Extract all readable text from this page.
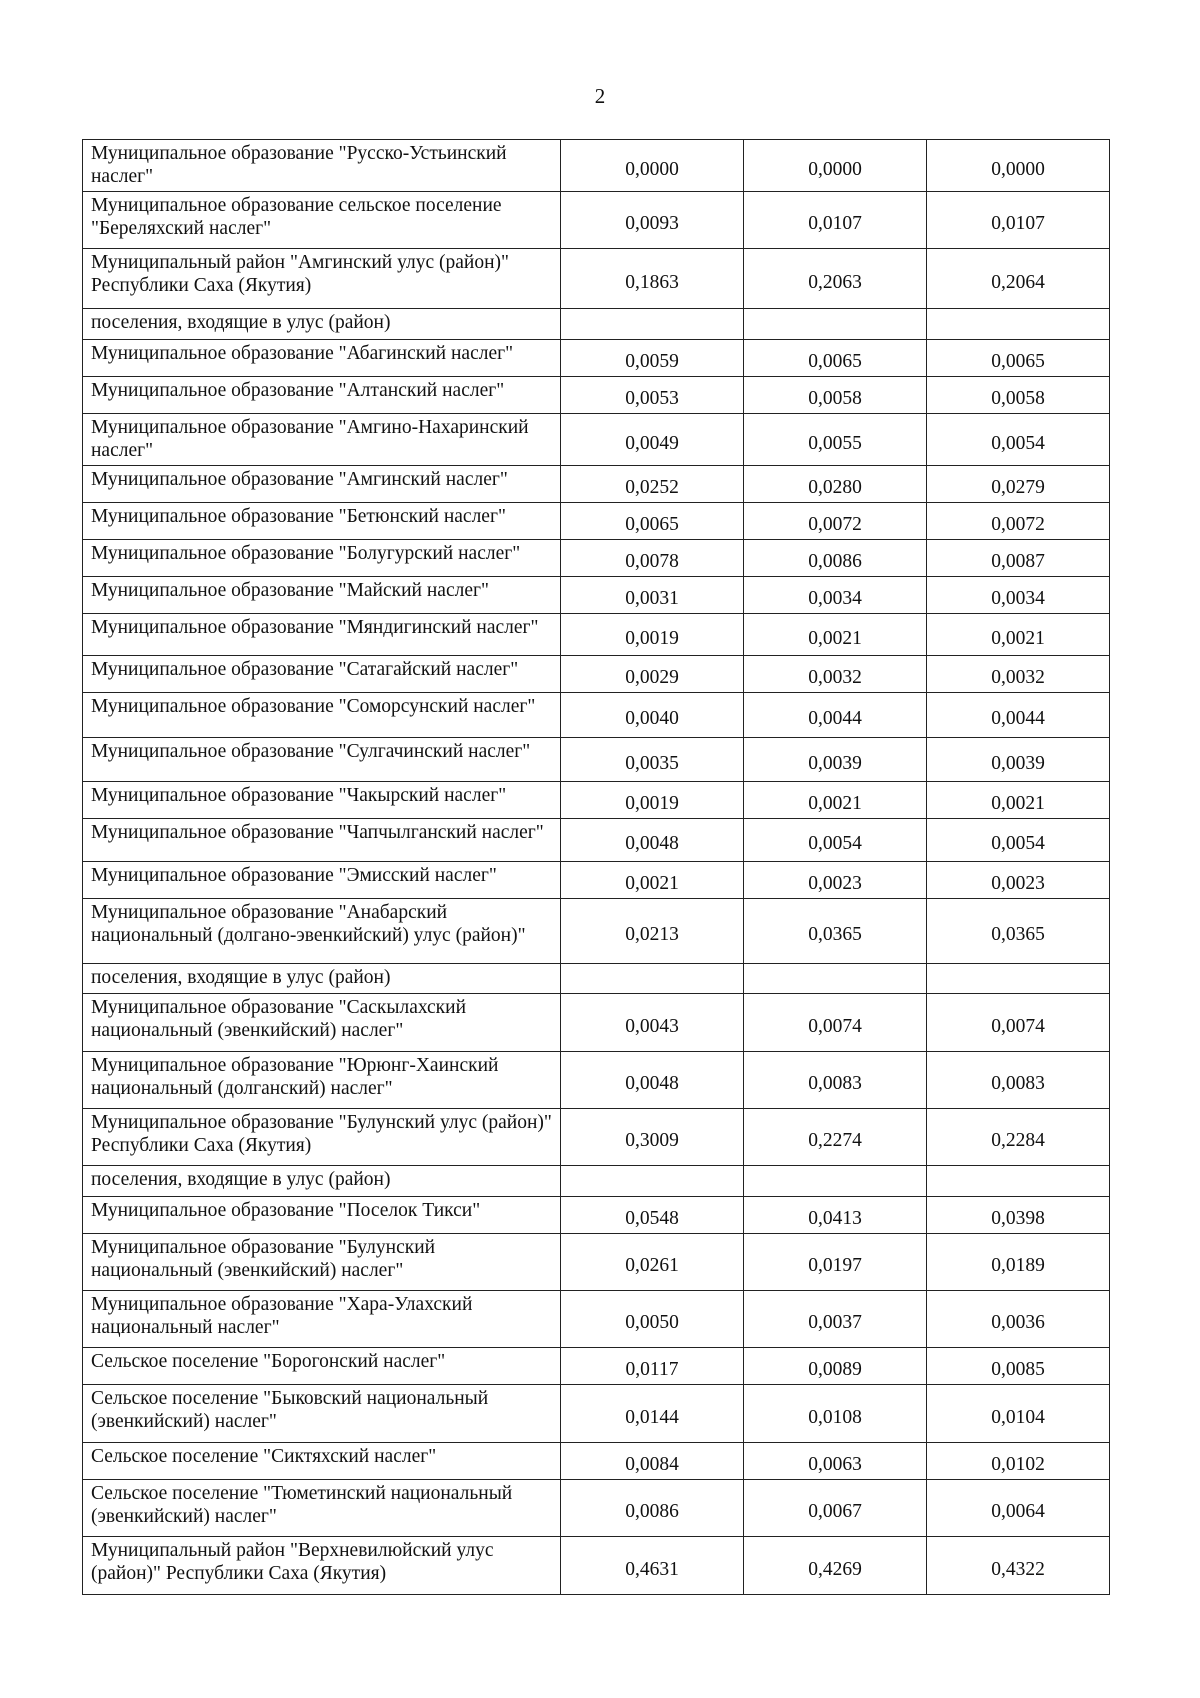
2
Муниципальное образование "Русско-Устьинский наслег"	0,0000	0,0000	0,0000
Муниципальное образование сельское поселение "Береляхский наслег"	0,0093	0,0107	0,0107
Муниципальный район "Амгинский улус (район)" Республики Саха (Якутия)	0,1863	0,2063	0,2064
поселения, входящие в улус (район)			
Муниципальное образование "Абагинский наслег"	0,0059	0,0065	0,0065
Муниципальное образование "Алтанский наслег"	0,0053	0,0058	0,0058
Муниципальное образование "Амгино-Нахаринский наслег"	0,0049	0,0055	0,0054
Муниципальное образование "Амгинский наслег"	0,0252	0,0280	0,0279
Муниципальное образование "Бетюнский наслег"	0,0065	0,0072	0,0072
Муниципальное образование "Болугурский наслег"	0,0078	0,0086	0,0087
Муниципальное образование "Майский наслег"	0,0031	0,0034	0,0034
Муниципальное образование "Мяндигинский наслег"	0,0019	0,0021	0,0021
Муниципальное образование "Сатагайский наслег"	0,0029	0,0032	0,0032
Муниципальное образование "Соморсунский наслег"	0,0040	0,0044	0,0044
Муниципальное образование "Сулгачинский наслег"	0,0035	0,0039	0,0039
Муниципальное образование "Чакырский наслег"	0,0019	0,0021	0,0021
Муниципальное образование "Чапчылганский наслег"	0,0048	0,0054	0,0054
Муниципальное образование "Эмисский наслег"	0,0021	0,0023	0,0023
Муниципальное образование "Анабарский национальный (долгано-эвенкийский) улус (район)"	0,0213	0,0365	0,0365
поселения, входящие в улус (район)			
Муниципальное образование "Саскылахский национальный (эвенкийский) наслег"	0,0043	0,0074	0,0074
Муниципальное образование "Юрюнг-Хаинский национальный (долганский) наслег"	0,0048	0,0083	0,0083
Муниципальное образование "Булунский улус (район)" Республики Саха (Якутия)	0,3009	0,2274	0,2284
поселения, входящие в улус (район)			
Муниципальное образование "Поселок Тикси"	0,0548	0,0413	0,0398
Муниципальное образование "Булунский национальный (эвенкийский) наслег"	0,0261	0,0197	0,0189
Муниципальное образование "Хара-Улахский национальный наслег"	0,0050	0,0037	0,0036
Сельское поселение "Борогонский наслег"	0,0117	0,0089	0,0085
Сельское поселение "Быковский национальный (эвенкийский) наслег"	0,0144	0,0108	0,0104
Сельское поселение "Сиктяхский наслег"	0,0084	0,0063	0,0102
Сельское поселение "Тюметинский национальный (эвенкийский) наслег"	0,0086	0,0067	0,0064
Муниципальный район "Верхневилюйский улус (район)" Республики Саха (Якутия)	0,4631	0,4269	0,4322
